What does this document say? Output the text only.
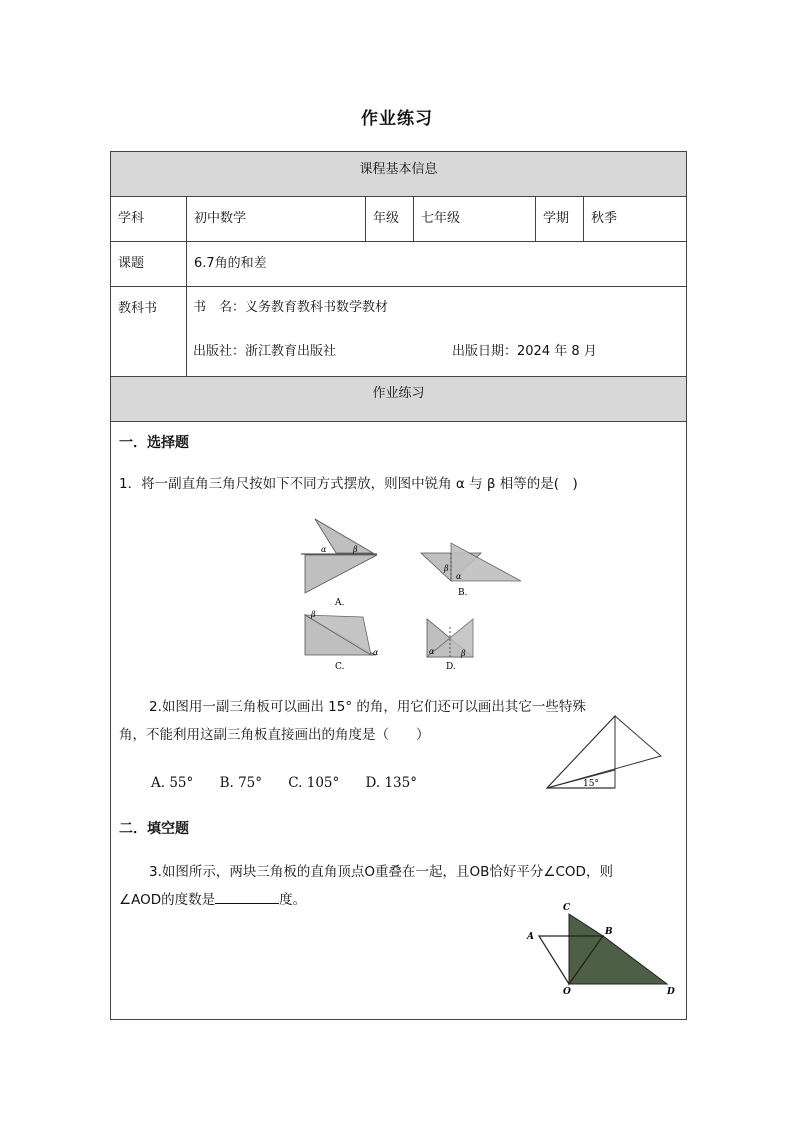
作业练习
课程基本信息
学科	初中数学	年级	七年级	学期	秋季
课题	6.7角的和差
教科书	书　名：义务教育教科书数学教材
出版社：浙江教育出版社	出版日期：2024 年 8 月
作业练习
一．选择题
1．将一副直角三角尺按如下不同方式摆放，则图中锐角 α 与 β 相等的是(　)
α	β
A.
β
α
B.
β
α
C.
α	β
D.
2.如图用一副三角板可以画出 15° 的角，用它们还可以画出其它一些特殊
角，不能利用这副三角板直接画出的角度是（　　）
A. 55° B. 75° C. 105° D. 135°	15°
二．填空题
3.如图所示，两块三角板的直角顶点O重叠在一起，且OB恰好平分∠COD，则
∠AOD的度数是	度。	C
B
A
O	D
